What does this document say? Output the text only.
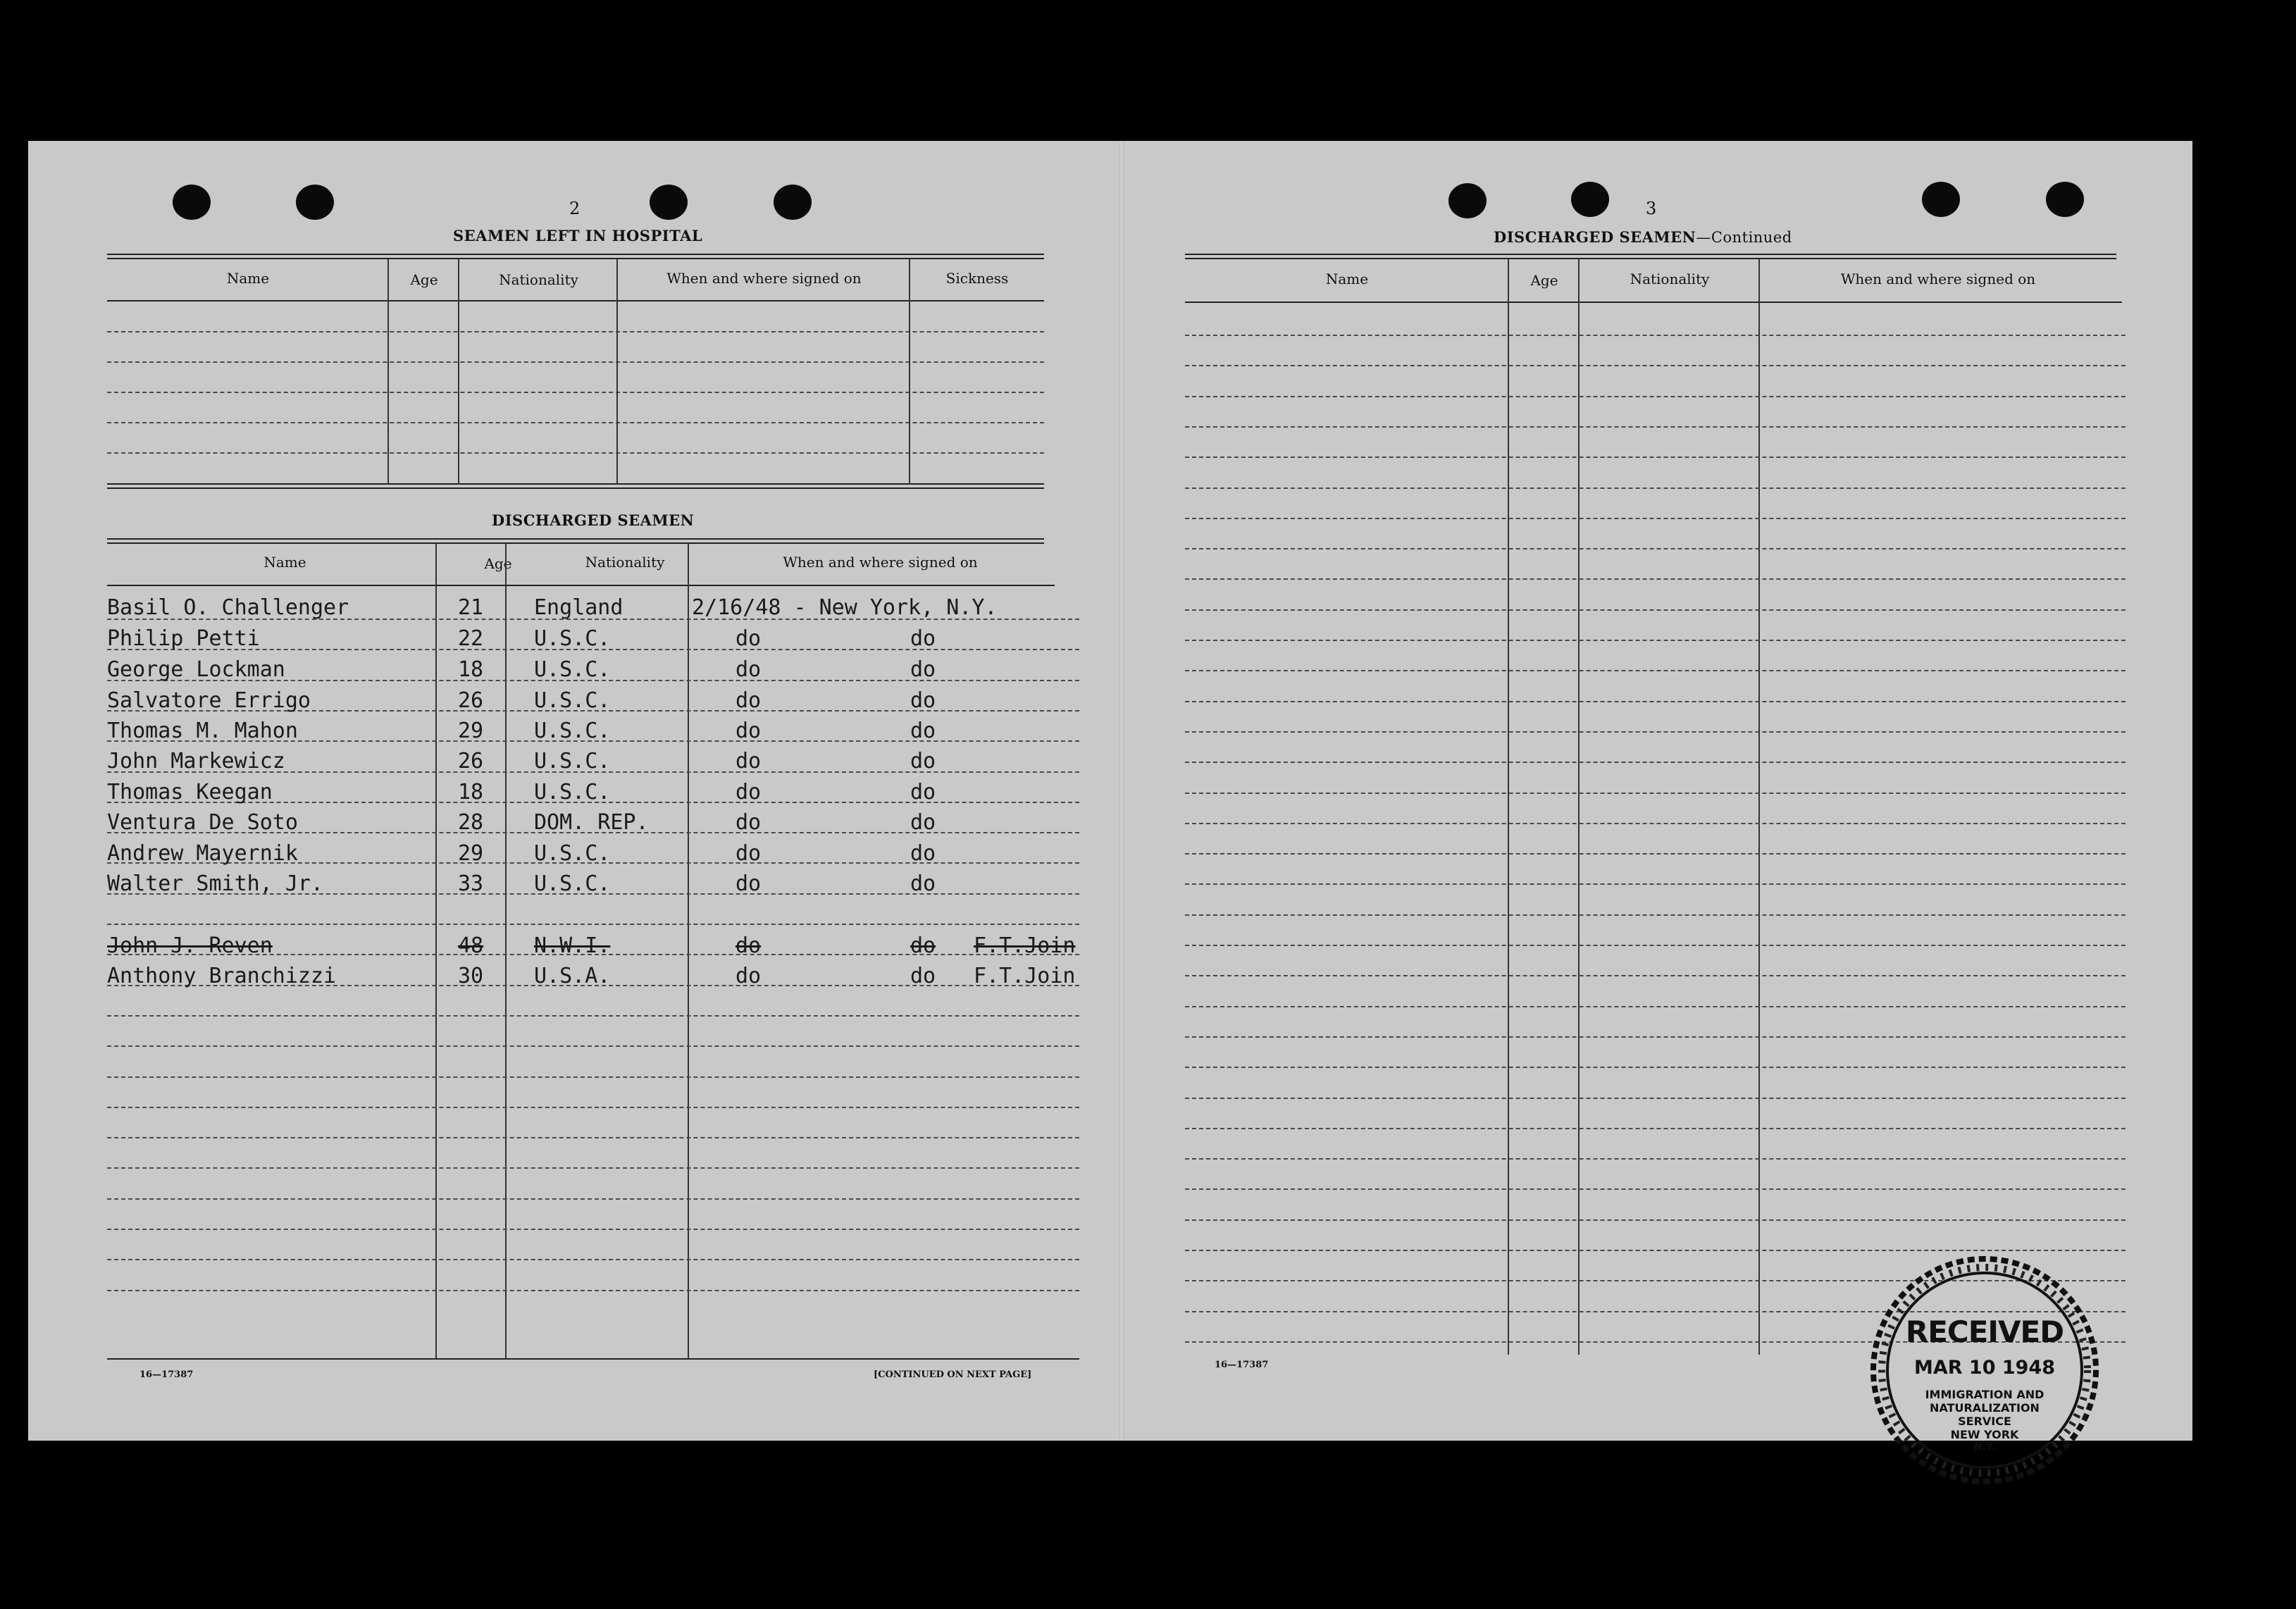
2
SEAMEN LEFT IN HOSPITAL
Name	Age	Nationality	When and where signed on	Sickness
DISCHARGED SEAMEN
Name	Age	Nationality	When and where signed on
Basil O. Challenger	21 England	2/16/48 - New York, N.Y.
Philip Petti	22 U.S.C.	do	do
George Lockman	18 U.S.C.	do	do
Salvatore Errigo	26 U.S.C.	do	do
Thomas M. Mahon	29 U.S.C.	do	do
John Markewicz	26 U.S.C.	do	do
Thomas Keegan	18 U.S.C.	do	do
Ventura De Soto	28 DOM. REP.	do	do
Andrew Mayernik	29 U.S.C.	do	do
Walter Smith, Jr.	33 U.S.C.	do	do
John J. Reven	48 N.W.I.	do	do F.T.Join
Anthony Branchizzi	30 U.S.A.	do	do F.T.Join
16—17387	[CONTINUED ON NEXT PAGE]
3
DISCHARGED SEAMEN—Continued
Name	Age	Nationality	When and where signed on
16—17387
RECEIVED
MAR 10 1948
IMMIGRATION AND
NATURALIZATION
SERVICE
NEW YORK
N.Y.
